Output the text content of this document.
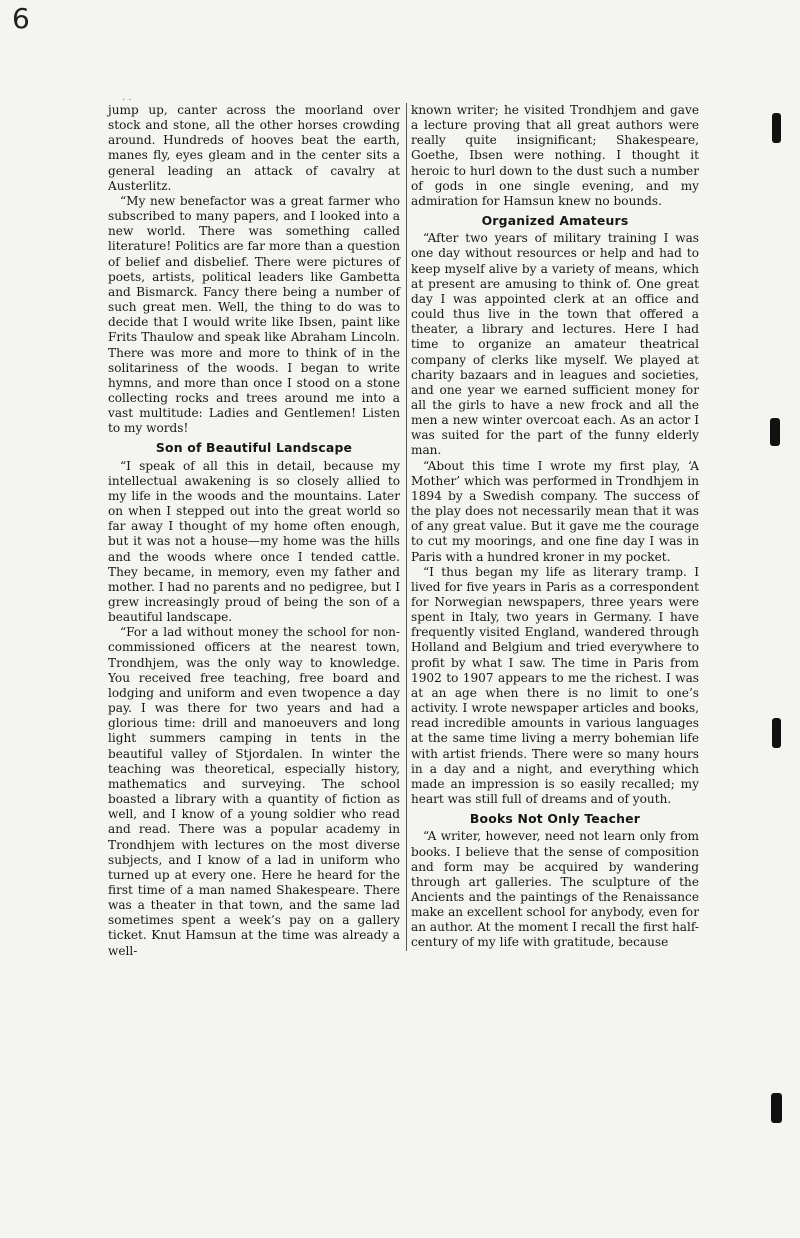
6
· ·

jump up, canter across the moorland over stock and stone, all the other horses crowding around. Hundreds of hooves beat the earth, manes fly, eyes gleam and in the center sits a general leading an attack of cavalry at Austerlitz.

“My new benefactor was a great farmer who subscribed to many papers, and I looked into a new world. There was something called literature! Politics are far more than a question of belief and disbelief. There were pictures of poets, artists, political leaders like Gambetta and Bismarck. Fancy there being a number of such great men. Well, the thing to do was to decide that I would write like Ibsen, paint like Frits Thaulow and speak like Abraham Lincoln. There was more and more to think of in the solitariness of the woods. I began to write hymns, and more than once I stood on a stone collecting rocks and trees around me into a vast multitude: Ladies and Gentlemen! Listen to my words!

Son of Beautiful Landscape

“I speak of all this in detail, because my intellectual awakening is so closely allied to my life in the woods and the mountains. Later on when I stepped out into the great world so far away I thought of my home often enough, but it was not a house—my home was the hills and the woods where once I tended cattle. They became, in memory, even my father and mother. I had no parents and no pedigree, but I grew increasingly proud of being the son of a beautiful landscape.

“For a lad without money the school for non-commissioned officers at the nearest town, Trondhjem, was the only way to knowledge. You received free teaching, free board and lodging and uniform and even twopence a day pay. I was there for two years and had a glorious time: drill and manoeuvers and long light summers camping in tents in the beautiful valley of Stjordalen. In winter the teaching was theoretical, especially history, mathematics and surveying. The school boasted a library with a quantity of fiction as well, and I know of a young soldier who read and read. There was a popular academy in Trondhjem with lectures on the most diverse subjects, and I know of a lad in uniform who turned up at every one. Here he heard for the first time of a man named Shakespeare. There was a theater in that town, and the same lad sometimes spent a week’s pay on a gallery ticket. Knut Hamsun at the time was already a well-

known writer; he visited Trondhjem and gave a lecture proving that all great authors were really quite insignificant; Shakespeare, Goethe, Ibsen were nothing. I thought it heroic to hurl down to the dust such a number of gods in one single evening, and my admiration for Hamsun knew no bounds.

Organized Amateurs

“After two years of military training I was one day without resources or help and had to keep myself alive by a variety of means, which at present are amusing to think of. One great day I was appointed clerk at an office and could thus live in the town that offered a theater, a library and lectures. Here I had time to organize an amateur theatrical company of clerks like myself. We played at charity bazaars and in leagues and societies, and one year we earned sufficient money for all the girls to have a new frock and all the men a new winter overcoat each. As an actor I was suited for the part of the funny elderly man.

“About this time I wrote my first play, ‘A Mother’ which was performed in Trondhjem in 1894 by a Swedish company. The success of the play does not necessarily mean that it was of any great value. But it gave me the courage to cut my moorings, and one fine day I was in Paris with a hundred kroner in my pocket.

“I thus began my life as literary tramp. I lived for five years in Paris as a correspondent for Norwegian newspapers, three years were spent in Italy, two years in Germany. I have frequently visited England, wandered through Holland and Belgium and tried everywhere to profit by what I saw. The time in Paris from 1902 to 1907 appears to me the richest. I was at an age when there is no limit to one’s activity. I wrote newspaper articles and books, read incredible amounts in various languages at the same time living a merry bohemian life with artist friends. There were so many hours in a day and a night, and everything which made an impression is so easily recalled; my heart was still full of dreams and of youth.

Books Not Only Teacher

“A writer, however, need not learn only from books. I believe that the sense of composition and form may be acquired by wandering through art galleries. The sculpture of the Ancients and the paintings of the Renaissance make an excellent school for anybody, even for an author. At the moment I recall the first half-century of my life with gratitude, because
